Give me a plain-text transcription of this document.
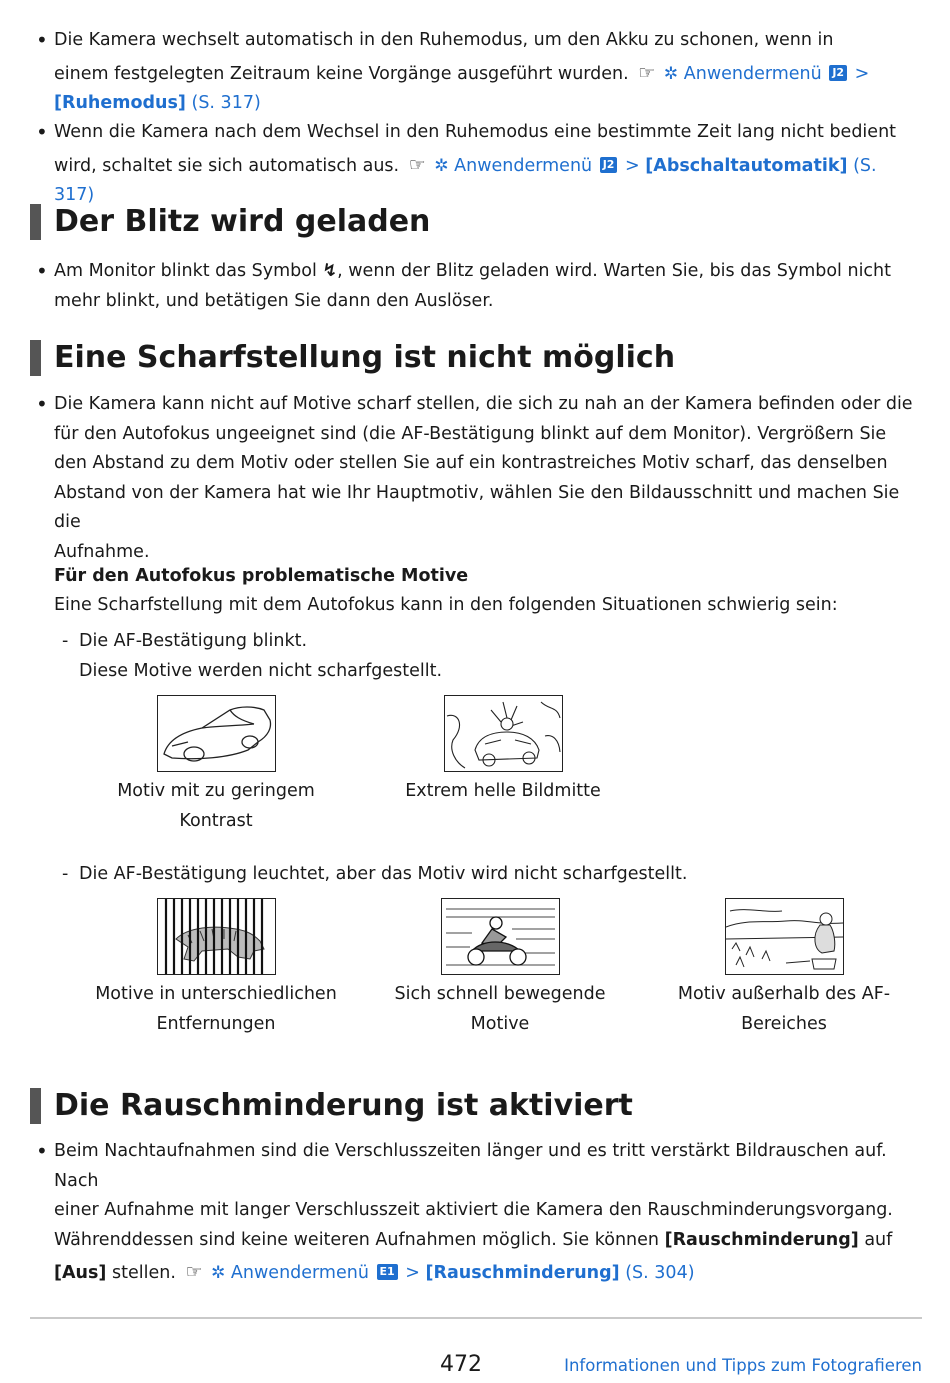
• Die Kamera wechselt automatisch in den Ruhemodus, um den Akku zu schonen, wenn in
einem festgelegten Zeitraum keine Vorgänge ausgeführt wurden. ☞ ✲ Anwendermenü J2 >
[Ruhemodus] (S. 317)
• Wenn die Kamera nach dem Wechsel in den Ruhemodus eine bestimmte Zeit lang nicht bedient
wird, schaltet sie sich automatisch aus. ☞ ✲ Anwendermenü J2 > [Abschaltautomatik] (S. 317)
Der Blitz wird geladen
• Am Monitor blinkt das Symbol ↯, wenn der Blitz geladen wird. Warten Sie, bis das Symbol nicht
mehr blinkt, und betätigen Sie dann den Auslöser.
Eine Scharfstellung ist nicht möglich
• Die Kamera kann nicht auf Motive scharf stellen, die sich zu nah an der Kamera befinden oder die
für den Autofokus ungeeignet sind (die AF-Bestätigung blinkt auf dem Monitor). Vergrößern Sie
den Abstand zu dem Motiv oder stellen Sie auf ein kontrastreiches Motiv scharf, das denselben
Abstand von der Kamera hat wie Ihr Hauptmotiv, wählen Sie den Bildausschnitt und machen Sie die
Aufnahme.
Für den Autofokus problematische Motive
Eine Scharfstellung mit dem Autofokus kann in den folgenden Situationen schwierig sein:
- Die AF-Bestätigung blinkt.
Diese Motive werden nicht scharfgestellt.
Motiv mit zu geringem
Kontrast
Extrem helle Bildmitte
- Die AF-Bestätigung leuchtet, aber das Motiv wird nicht scharfgestellt.
Motive in unterschiedlichen
Entfernungen
Sich schnell bewegende
Motive
Motiv außerhalb des AF-
Bereiches
Die Rauschminderung ist aktiviert
• Beim Nachtaufnahmen sind die Verschlusszeiten länger und es tritt verstärkt Bildrauschen auf. Nach
einer Aufnahme mit langer Verschlusszeit aktiviert die Kamera den Rauschminderungsvorgang.
Währenddessen sind keine weiteren Aufnahmen möglich. Sie können [Rauschminderung] auf
[Aus] stellen. ☞ ✲ Anwendermenü E1 > [Rauschminderung] (S. 304)
472	Informationen und Tipps zum Fotografieren
